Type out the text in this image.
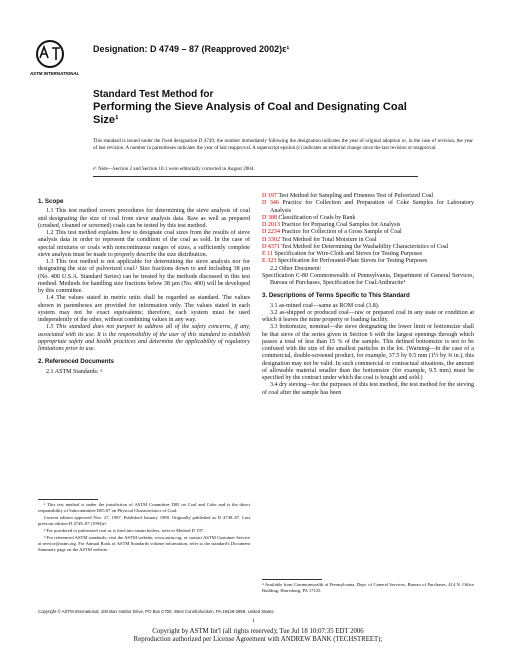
ASTM INTERNATIONAL
Designation: D 4749 – 87 (Reapproved 2002)ε¹
Standard Test Method for
Performing the Sieve Analysis of Coal and Designating Coal
Size¹
This standard is issued under the fixed designation D 4749; the number immediately following the designation indicates the year of original adoption or, in the case of revision, the year of last revision. A number in parentheses indicates the year of last reapproval. A superscript epsilon (ε) indicates an editorial change since the last revision or reapproval.
ε¹ Note—Section 2 and Section 10.1 were editorially corrected in August 2004.

1. Scope

1.1 This test method covers procedures for determining the sieve analysis of coal and designating the size of coal from sieve analysis data. Raw as well as prepared (crushed, cleaned or screened) coals can be tested by this test method.

1.2 This test method explains how to designate coal sizes from the results of sieve analysis data in order to represent the condition of the coal as sold. In the case of special mixtures or coals with noncontinuous ranges of sizes, a sufficiently complete sieve analysis must be made to properly describe the size distribution.

1.3 This test method is not applicable for determining the sieve analysis nor for designating the size of pulverized coal.² Size fractions down to and including 38 µm (No. 400 U.S.A. Standard Series) can be treated by the methods discussed in this test method. Methods for handling size fractions below 38 µm (No. 400) will be developed by this committee.

1.4 The values stated in metric units shall be regarded as standard. The values shown in parentheses are provided for information only. The values stated in each system may not be exact equivalents; therefore, each system must be used independently of the other, without combining values in any way.

1.5 This standard does not purport to address all of the safety concerns, if any, associated with its use. It is the responsibility of the user of this standard to establish appropriate safety and health practices and determine the applicability of regulatory limitations prior to use.

2. Referenced Documents

2.1 ASTM Standards: ³

¹ This test method is under the jurisdiction of ASTM Committee D05 on Coal and Coke and is the direct responsibility of Subcommittee D05.07 on Physical Characteristics of Coal.

Current edition approved Nov. 27, 1987. Published January 1988. Originally published as D 4749–87. Last previous edition D 4749–87 (1994)ε¹.

² For powdered or pulverized coal as is fired into steam boilers, refer to Method D 197.

³ For referenced ASTM standards, visit the ASTM website, www.astm.org, or contact ASTM Customer Service at service@astm.org. For Annual Book of ASTM Standards volume information, refer to the standard's Document Summary page on the ASTM website.

D 197 Test Method for Sampling and Fineness Test of Pulverized Coal

D 346 Practice for Collection and Preparation of Coke Samples for Laboratory Analysis

D 388 Classification of Coals by Rank

D 2013 Practice for Preparing Coal Samples for Analysis

D 2234 Practice for Collection of a Gross Sample of Coal

D 3302 Test Method for Total Moisture in Coal

D 4371 Test Method for Determining the Washability Characteristics of Coal

E 11 Specification for Wire-Cloth and Sieves for Testing Purposes

E 323 Specification for Perforated-Plate Sieves for Testing Purposes

2.2 Other Document:

Specification C-80 Commonwealth of Pennsylvania, Department of General Services, Bureau of Purchases, Specification for Coal:Anthracite⁴

3. Descriptions of Terms Specific to This Standard

3.1 as-mined coal—same as ROM coal (3.8).

3.2 as-shipped or produced coal—raw or prepared coal in any state or condition at which it leaves the mine property or loading facility.

3.3 bottomsize, nominal—the sieve designating the lower limit or bottomsize shall be that sieve of the series given in Section 6 with the largest openings through which passes a total of less than 15 % of the sample. This defined bottomsize is not to be confused with the size of the smallest particles in the lot. (Warning—In the case of a commercial, double-screened product, for example, 37.5 by 9.5 mm (1½ by ⅜ in.), this designation may not be valid. In such commercial or contractual situations, the amount of allowable material smaller than the bottomsize (for example, 9.5 mm) must be specified by the contract under which the coal is bought and sold.)

3.4 dry sieving—for the purposes of this test method, the test method for the sieving of coal after the sample has been

⁴ Available from Commonwealth of Pennsylvania, Dept. of General Services, Bureau of Purchases, 414 N. Office Building, Harrisburg, PA 17125.
Copyright © ASTM International, 100 Barr Harbor Drive, PO Box C700, West Conshohocken, PA 19428-2959, United States.
1
Copyright by ASTM Int'l (all rights reserved); Tue Jul 18 10:07:35 EDT 2006
Reproduction authorized per License Agreement with ANDREW BANK (TECHSTREET);
